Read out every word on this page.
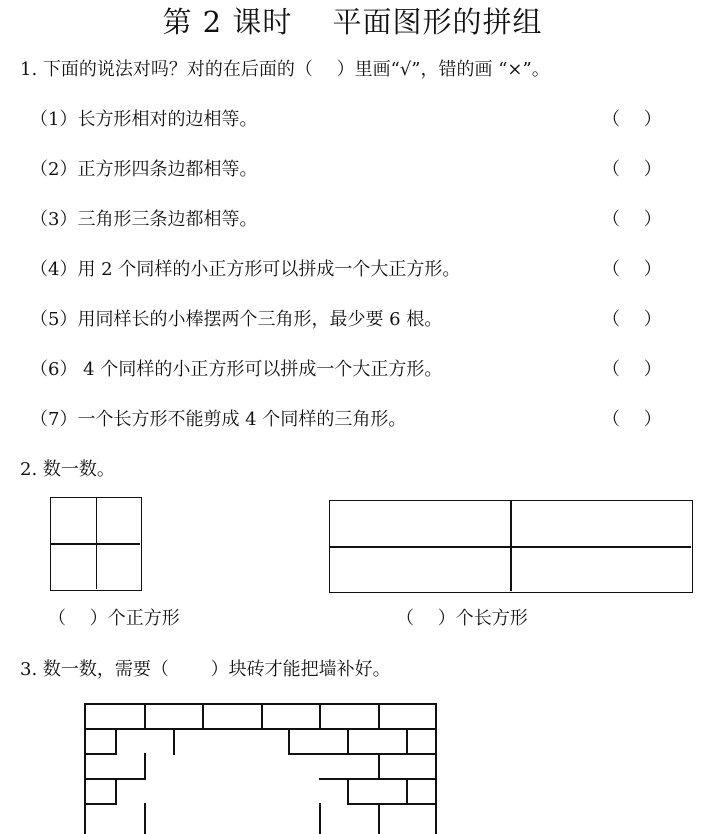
第 2 课时　 平面图形的拼组
1. 下面的说法对吗？对的在后面的（　 ）里画“√”，错的画 “×”。
（1）长方形相对的边相等。	（　 ）
（2）正方形四条边都相等。	（　 ）
（3）三角形三条边都相等。	（　 ）
（4）用 2 个同样的小正方形可以拼成一个大正方形。	（　 ）
（5）用同样长的小棒摆两个三角形，最少要 6 根。	（　 ）
（6） 4 个同样的小正方形可以拼成一个大正方形。	（　 ）
（7）一个长方形不能剪成 4 个同样的三角形。	（　 ）
2. 数一数。
（　 ）个正方形	（　 ）个长方形
3. 数一数，需要（　　 ）块砖才能把墙补好。
